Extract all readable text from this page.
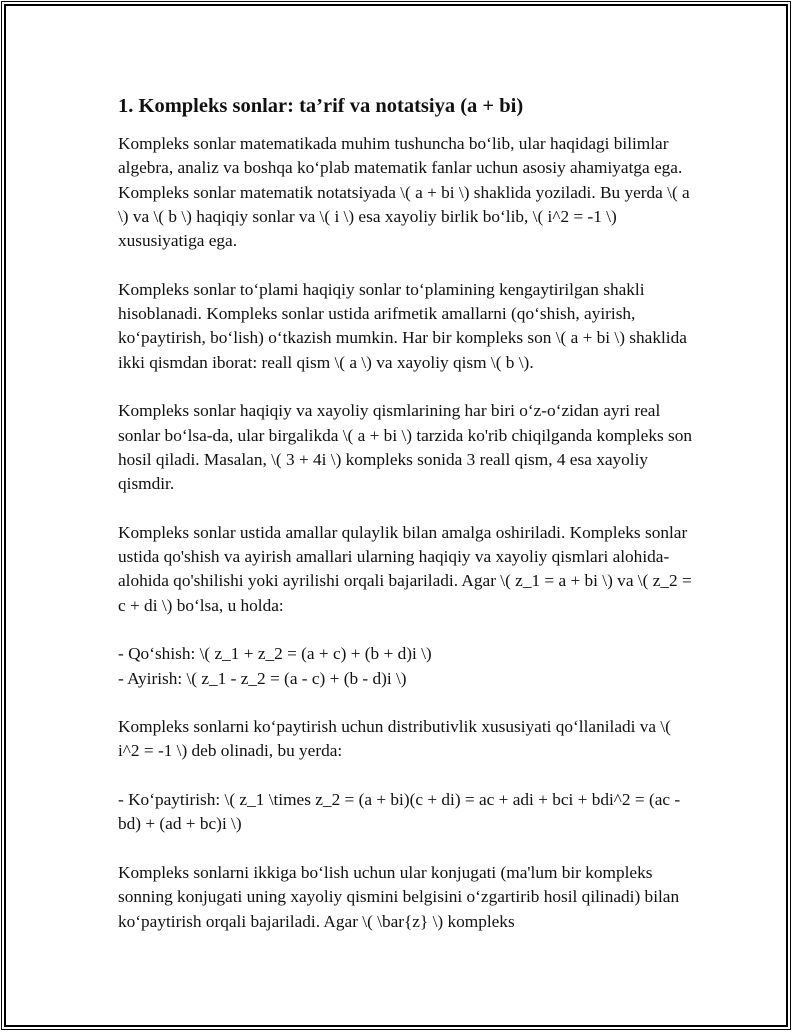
1. Kompleks sonlar: ta’rif va notatsiya (a + bi)

Kompleks sonlar matematikada muhim tushuncha bo‘lib, ular haqidagi bilimlar algebra, analiz va boshqa ko‘plab matematik fanlar uchun asosiy ahamiyatga ega. Kompleks sonlar matematik notatsiyada \( a + bi \) shaklida yoziladi. Bu yerda \( a \) va \( b \) haqiqiy sonlar va \( i \) esa xayoliy birlik bo‘lib, \( i^2 = -1 \) xususiyatiga ega.

Kompleks sonlar to‘plami haqiqiy sonlar to‘plamining kengaytirilgan shakli hisoblanadi. Kompleks sonlar ustida arifmetik amallarni (qo‘shish, ayirish, ko‘paytirish, bo‘lish) o‘tkazish mumkin. Har bir kompleks son \( a + bi \) shaklida ikki qismdan iborat: reall qism \( a \) va xayoliy qism \( b \).

Kompleks sonlar haqiqiy va xayoliy qismlarining har biri o‘z-o‘zidan ayri real sonlar bo‘lsa-da, ular birgalikda \( a + bi \) tarzida ko'rib chiqilganda kompleks son hosil qiladi. Masalan, \( 3 + 4i \) kompleks sonida 3 reall qism, 4 esa xayoliy qismdir.

Kompleks sonlar ustida amallar qulaylik bilan amalga oshiriladi. Kompleks sonlar ustida qo'shish va ayirish amallari ularning haqiqiy va xayoliy qismlari alohida-alohida qo'shilishi yoki ayrilishi orqali bajariladi. Agar \( z_1 = a + bi \) va \( z_2 = c + di \) bo‘lsa, u holda:

- Qo‘shish: \( z_1 + z_2 = (a + c) + (b + d)i \)
- Ayirish: \( z_1 - z_2 = (a - c) + (b - d)i \)

Kompleks sonlarni ko‘paytirish uchun distributivlik xususiyati qo‘llaniladi va \( i^2 = -1 \) deb olinadi, bu yerda:

- Ko‘paytirish: \( z_1 \times z_2 = (a + bi)(c + di) = ac + adi + bci + bdi^2 = (ac - bd) + (ad + bc)i \)

Kompleks sonlarni ikkiga bo‘lish uchun ular konjugati (ma'lum bir kompleks sonning konjugati uning xayoliy qismini belgisini o‘zgartirib hosil qilinadi) bilan ko‘paytirish orqali bajariladi. Agar \( \bar{z} \) kompleks
